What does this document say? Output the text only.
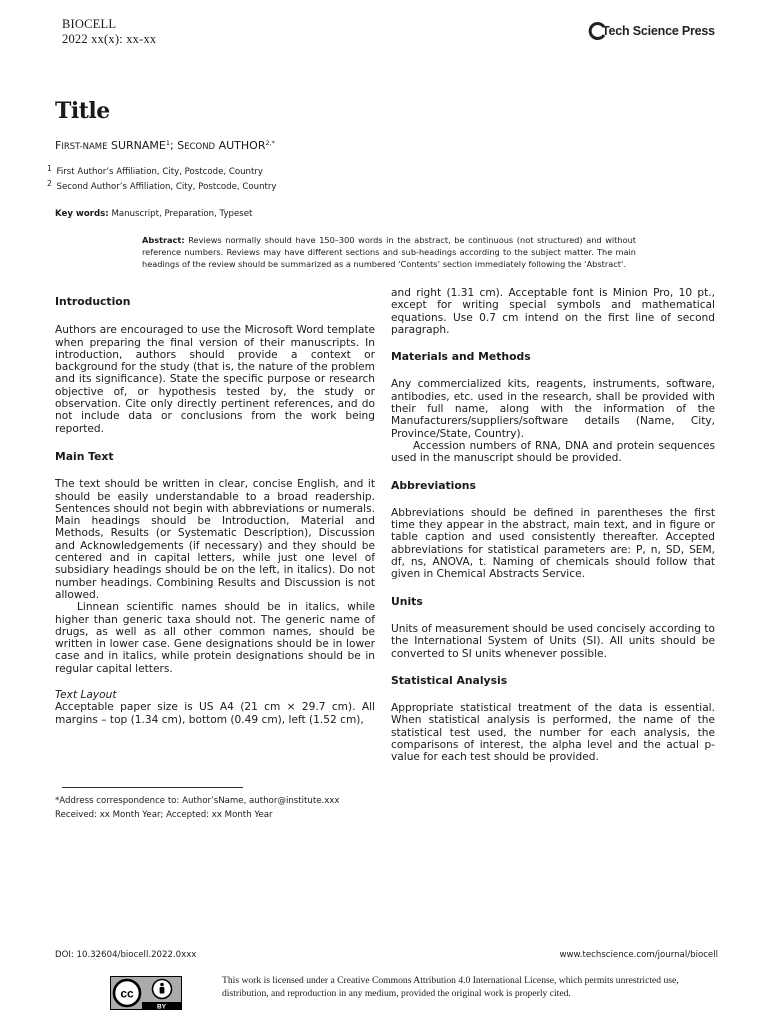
BIOCELL
2022 xx(x): xx-xx
Tech Science Press
Title
FIRST-NAME SURNAME$^1$; SECOND $AUTHOR^{2,*}$
1 First Author’s Affiliation, City, Postcode, Country
2 Second Author’s Affiliation, City, Postcode, Country
Key words: Manuscript, Preparation, Typeset
Abstract: Reviews normally should have 150–300 words in the abstract, be continuous (not structured) and without reference numbers. Reviews may have different sections and sub-headings according to the subject matter. The main headings of the review should be summarized as a numbered ‘Contents’ section immediately following the ‘Abstract’.

Introduction

Authors are encouraged to use the Microsoft Word template when preparing the final version of their manuscripts. In introduction, authors should provide a context or background for the study (that is, the nature of the problem and its significance). State the specific purpose or research objective of, or hypothesis tested by, the study or observation. Cite only directly pertinent references, and do not include data or conclusions from the work being reported.

Main Text

The text should be written in clear, concise English, and it should be easily understandable to a broad readership. Sentences should not begin with abbreviations or numerals. Main headings should be Introduction, Material and Methods, Results (or Systematic Description), Discussion and Acknowledgements (if necessary) and they should be centered and in capital letters, while just one level of subsidiary headings should be on the left, in italics). Do not number headings. Combining Results and Discussion is not allowed.

Linnean scientific names should be in italics, while higher than generic taxa should not. The generic name of drugs, as well as all other common names, should be written in lower case. Gene designations should be in lower case and in italics, while protein designations should be in regular capital letters.

Text Layout

Acceptable paper size is US A4 (21 cm × 29.7 cm). All margins – top (1.34 cm), bottom (0.49 cm), left (1.52 cm),

and right (1.31 cm). Acceptable font is Minion Pro, 10 pt., except for writing special symbols and mathematical equations. Use 0.7 cm intend on the first line of second paragraph.

Materials and Methods

Any commercialized kits, reagents, instruments, software, antibodies, etc. used in the research, shall be provided with their full name, along with the information of the Manufacturers/suppliers/software details (Name, City, Province/State, Country).

Accession numbers of RNA, DNA and protein sequences used in the manuscript should be provided.

Abbreviations

Abbreviations should be defined in parentheses the first time they appear in the abstract, main text, and in figure or table caption and used consistently thereafter. Accepted abbreviations for statistical parameters are: P, n, SD, SEM, df, ns, ANOVA, t. Naming of chemicals should follow that given in Chemical Abstracts Service.

Units

Units of measurement should be used concisely according to the International System of Units (SI). All units should be converted to SI units whenever possible.

Statistical Analysis

Appropriate statistical treatment of the data is essential. When statistical analysis is performed, the name of the statistical test used, the number for each analysis, the comparisons of interest, the alpha level and the actual p-value for each test should be provided.

*Address correspondence to: Author’sName, author@institute.xxx
Received: xx Month Year; Accepted: xx Month Year
DOI: 10.32604/biocell.2022.0xxx	www.techscience.com/journal/biocell
cc
BY
This work is licensed under a Creative Commons Attribution 4.0 International License, which permits unrestricted use, distribution, and reproduction in any medium, provided the original work is properly cited.
